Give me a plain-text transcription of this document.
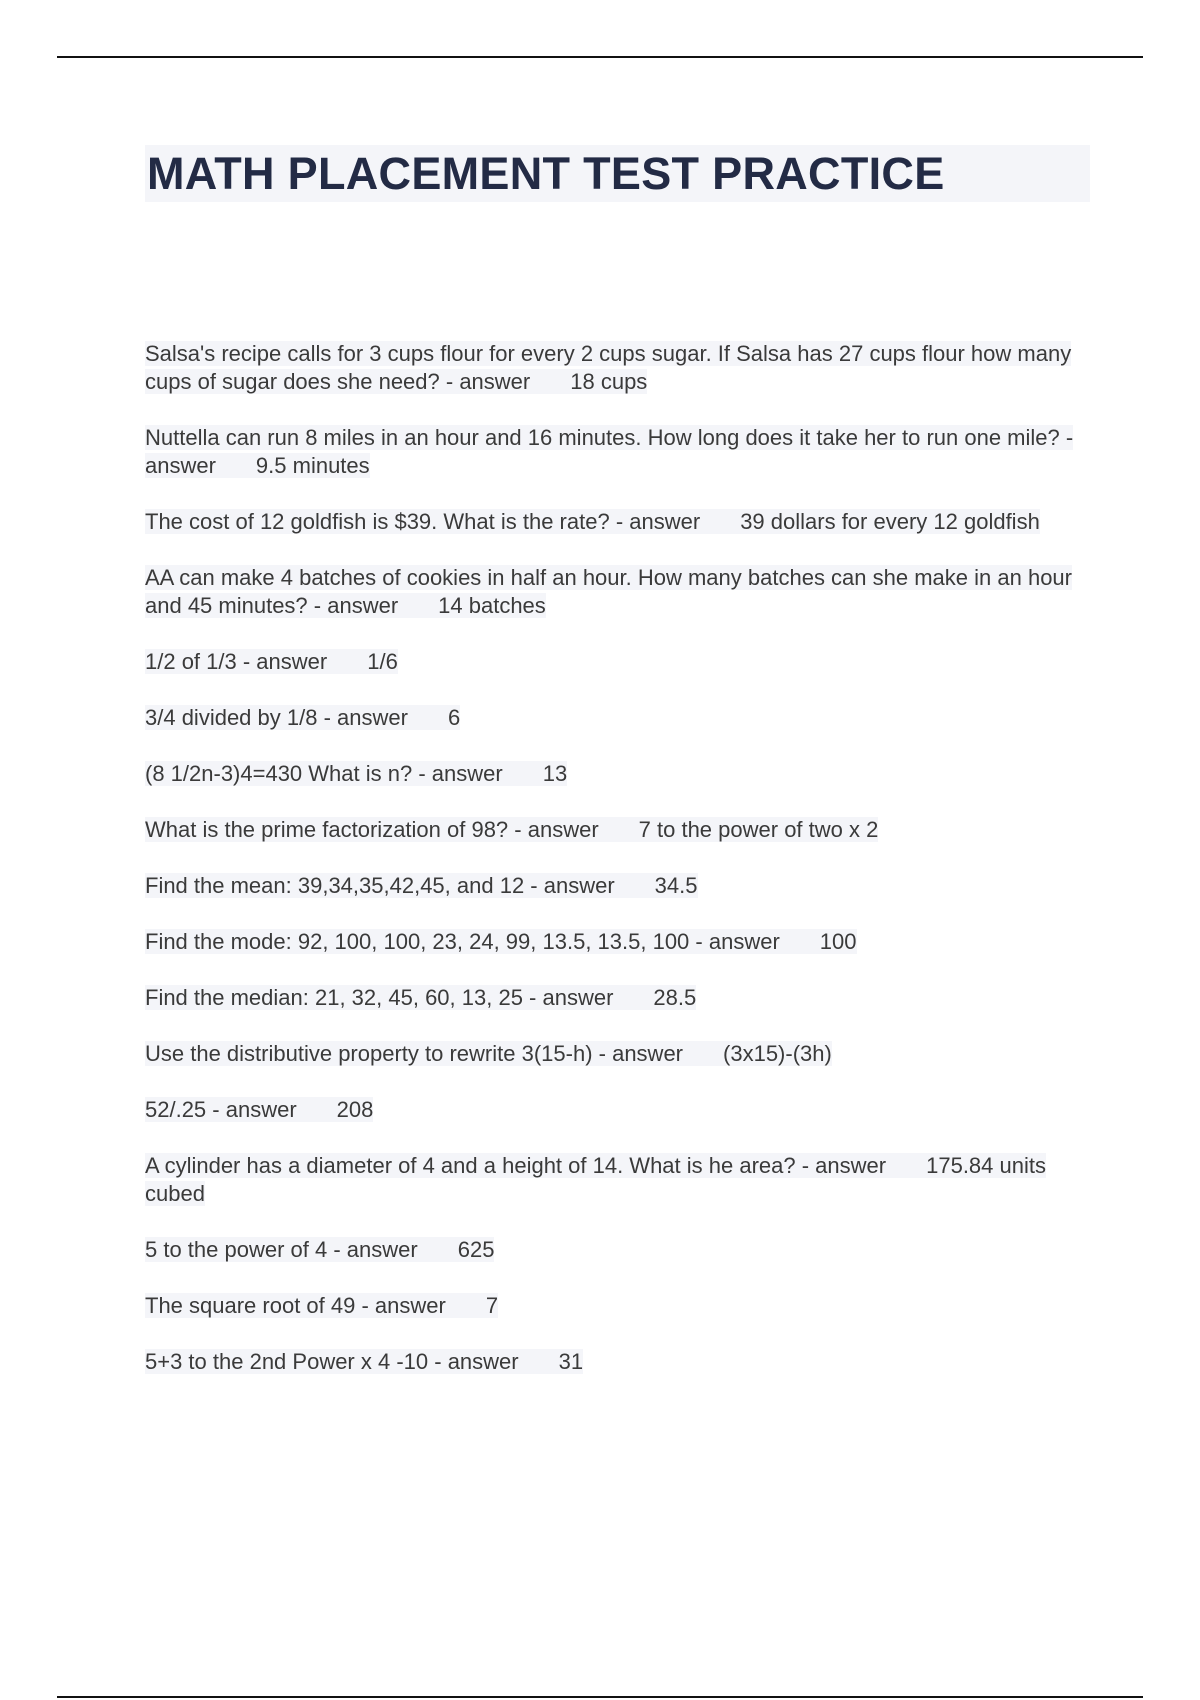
MATH PLACEMENT TEST PRACTICE

Salsa's recipe calls for 3 cups flour for every 2 cups sugar. If Salsa has 27 cups flour how many cups of sugar does she need? - answer 18 cups

Nuttella can run 8 miles in an hour and 16 minutes. How long does it take her to run one mile? - answer 9.5 minutes

The cost of 12 goldfish is $39. What is the rate? - answer 39 dollars for every 12 goldfish

AA can make 4 batches of cookies in half an hour. How many batches can she make in an hour and 45 minutes? - answer 14 batches

1/2 of 1/3 - answer 1/6

3/4 divided by 1/8 - answer 6

(8 1/2n-3)4=430 What is n? - answer 13

What is the prime factorization of 98? - answer 7 to the power of two x 2

Find the mean: 39,34,35,42,45, and 12 - answer 34.5

Find the mode: 92, 100, 100, 23, 24, 99, 13.5, 13.5, 100 - answer 100

Find the median: 21, 32, 45, 60, 13, 25 - answer 28.5

Use the distributive property to rewrite 3(15-h) - answer (3x15)-(3h)

52/.25 - answer 208

A cylinder has a diameter of 4 and a height of 14. What is he area? - answer 175.84 units cubed

5 to the power of 4 - answer 625

The square root of 49 - answer 7

5+3 to the 2nd Power x 4 -10 - answer 31
